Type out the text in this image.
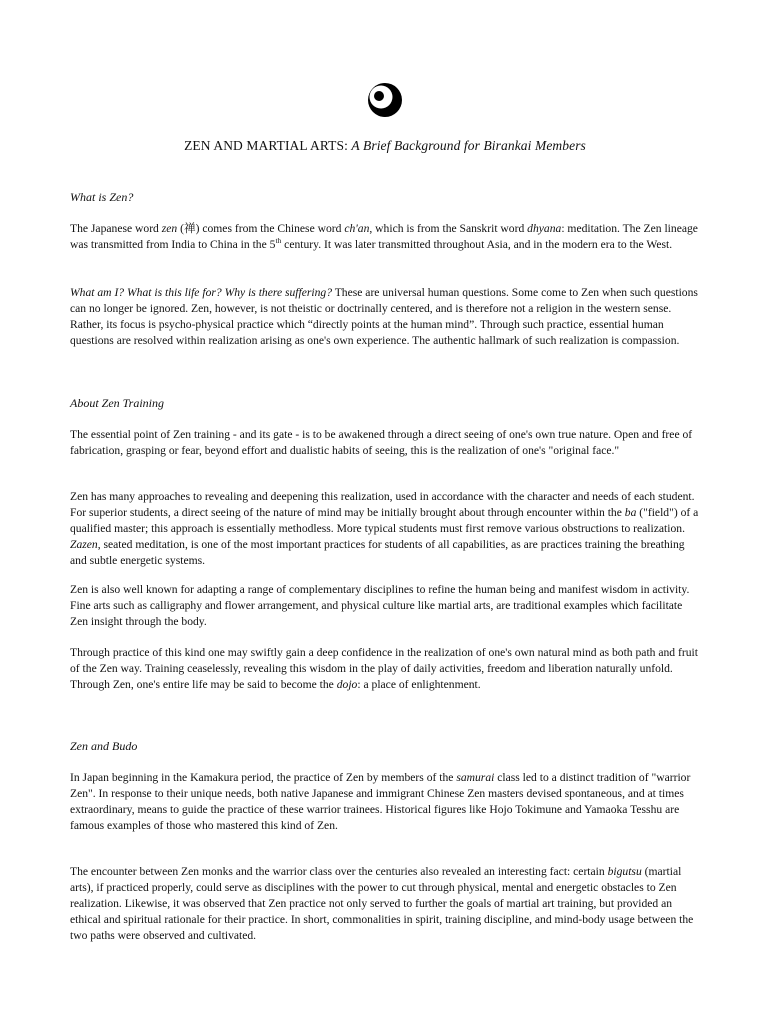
ZEN AND MARTIAL ARTS: A Brief Background for Birankai Members
What is Zen?
The Japanese word zen (禅) comes from the Chinese word ch'an, which is from the Sanskrit word dhyana: meditation. The Zen lineage was transmitted from India to China in the 5th century. It was later transmitted throughout Asia, and in the modern era to the West.
What am I? What is this life for? Why is there suffering? These are universal human questions. Some come to Zen when such questions can no longer be ignored. Zen, however, is not theistic or doctrinally centered, and is therefore not a religion in the western sense. Rather, its focus is psycho-physical practice which “directly points at the human mind”. Through such practice, essential human questions are resolved within realization arising as one's own experience. The authentic hallmark of such realization is compassion.
About Zen Training
The essential point of Zen training - and its gate - is to be awakened through a direct seeing of one's own true nature. Open and free of fabrication, grasping or fear, beyond effort and dualistic habits of seeing, this is the realization of one's "original face."
Zen has many approaches to revealing and deepening this realization, used in accordance with the character and needs of each student. For superior students, a direct seeing of the nature of mind may be initially brought about through encounter within the ba ("field") of a qualified master; this approach is essentially methodless. More typical students must first remove various obstructions to realization. Zazen, seated meditation, is one of the most important practices for students of all capabilities, as are practices training the breathing and subtle energetic systems.
Zen is also well known for adapting a range of complementary disciplines to refine the human being and manifest wisdom in activity. Fine arts such as calligraphy and flower arrangement, and physical culture like martial arts, are traditional examples which facilitate Zen insight through the body.
Through practice of this kind one may swiftly gain a deep confidence in the realization of one's own natural mind as both path and fruit of the Zen way. Training ceaselessly, revealing this wisdom in the play of daily activities, freedom and liberation naturally unfold. Through Zen, one's entire life may be said to become the dojo: a place of enlightenment.
Zen and Budo
In Japan beginning in the Kamakura period, the practice of Zen by members of the samurai class led to a distinct tradition of "warrior Zen". In response to their unique needs, both native Japanese and immigrant Chinese Zen masters devised spontaneous, and at times extraordinary, means to guide the practice of these warrior trainees. Historical figures like Hojo Tokimune and Yamaoka Tesshu are famous examples of those who mastered this kind of Zen.
The encounter between Zen monks and the warrior class over the centuries also revealed an interesting fact: certain bigutsu (martial arts), if practiced properly, could serve as disciplines with the power to cut through physical, mental and energetic obstacles to Zen realization. Likewise, it was observed that Zen practice not only served to further the goals of martial art training, but provided an ethical and spiritual rationale for their practice. In short, commonalities in spirit, training discipline, and mind-body usage between the two paths were observed and cultivated.
